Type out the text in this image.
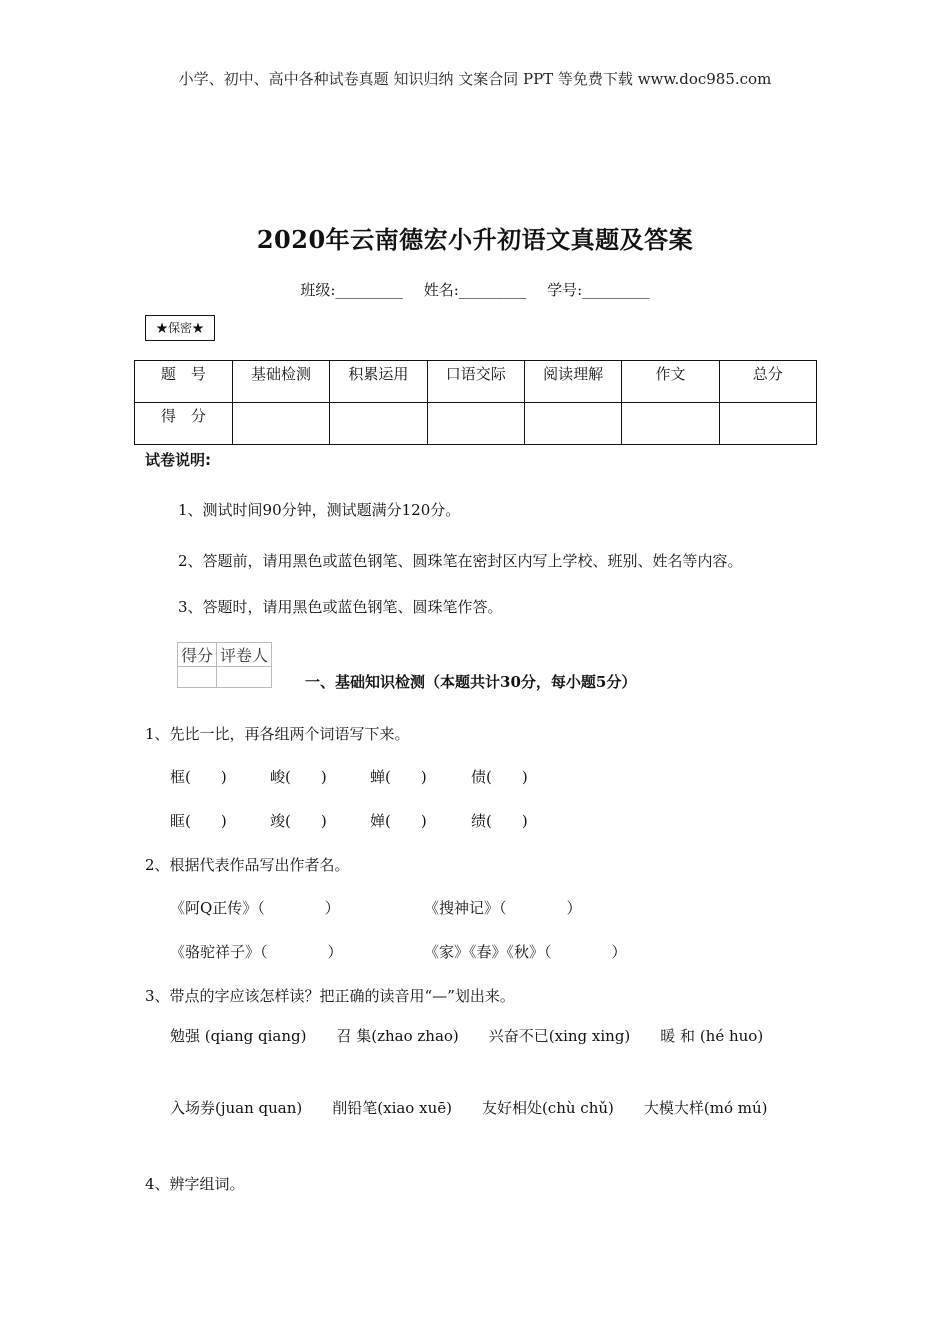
小学、初中、高中各种试卷真题 知识归纳 文案合同 PPT 等免费下载 www.doc985.com
2020年云南德宏小升初语文真题及答案
班级:_________ 姓名:_________ 学号:_________
★保密★
题　号	基础检测	积累运用	口语交际	阅读理解	作文	总分
得　分						
试卷说明:
1、测试时间90分钟，测试题满分120分。
2、答题前，请用黑色或蓝色钢笔、圆珠笔在密封区内写上学校、班别、姓名等内容。
3、答题时，请用黑色或蓝色钢笔、圆珠笔作答。
得分	评卷人

一、基础知识检测（本题共计30分，每小题5分）
1、先比一比，再各组两个词语写下来。
框(　　)	峻(　　)	蝉(　　)	债(　　)
眶(　　)	竣(　　)	婵(　　)	绩(　　)
2、根据代表作品写出作者名。
《阿Q正传》（　　　　）	《搜神记》（　　　　）
《骆驼祥子》（　　　　）	《家》《春》《秋》（　　　　）
3、带点的字应该怎样读？把正确的读音用“—”划出来。
勉强 (qiang qiang)　　召 集(zhao zhao)　　兴奋不已(xing xing)　　暖 和 (hé huo)
入场券(juan quan)　　削铅笔(xiao xuē)　　友好相处(chù chǔ)　　大模大样(mó mú)
4、辨字组词。
